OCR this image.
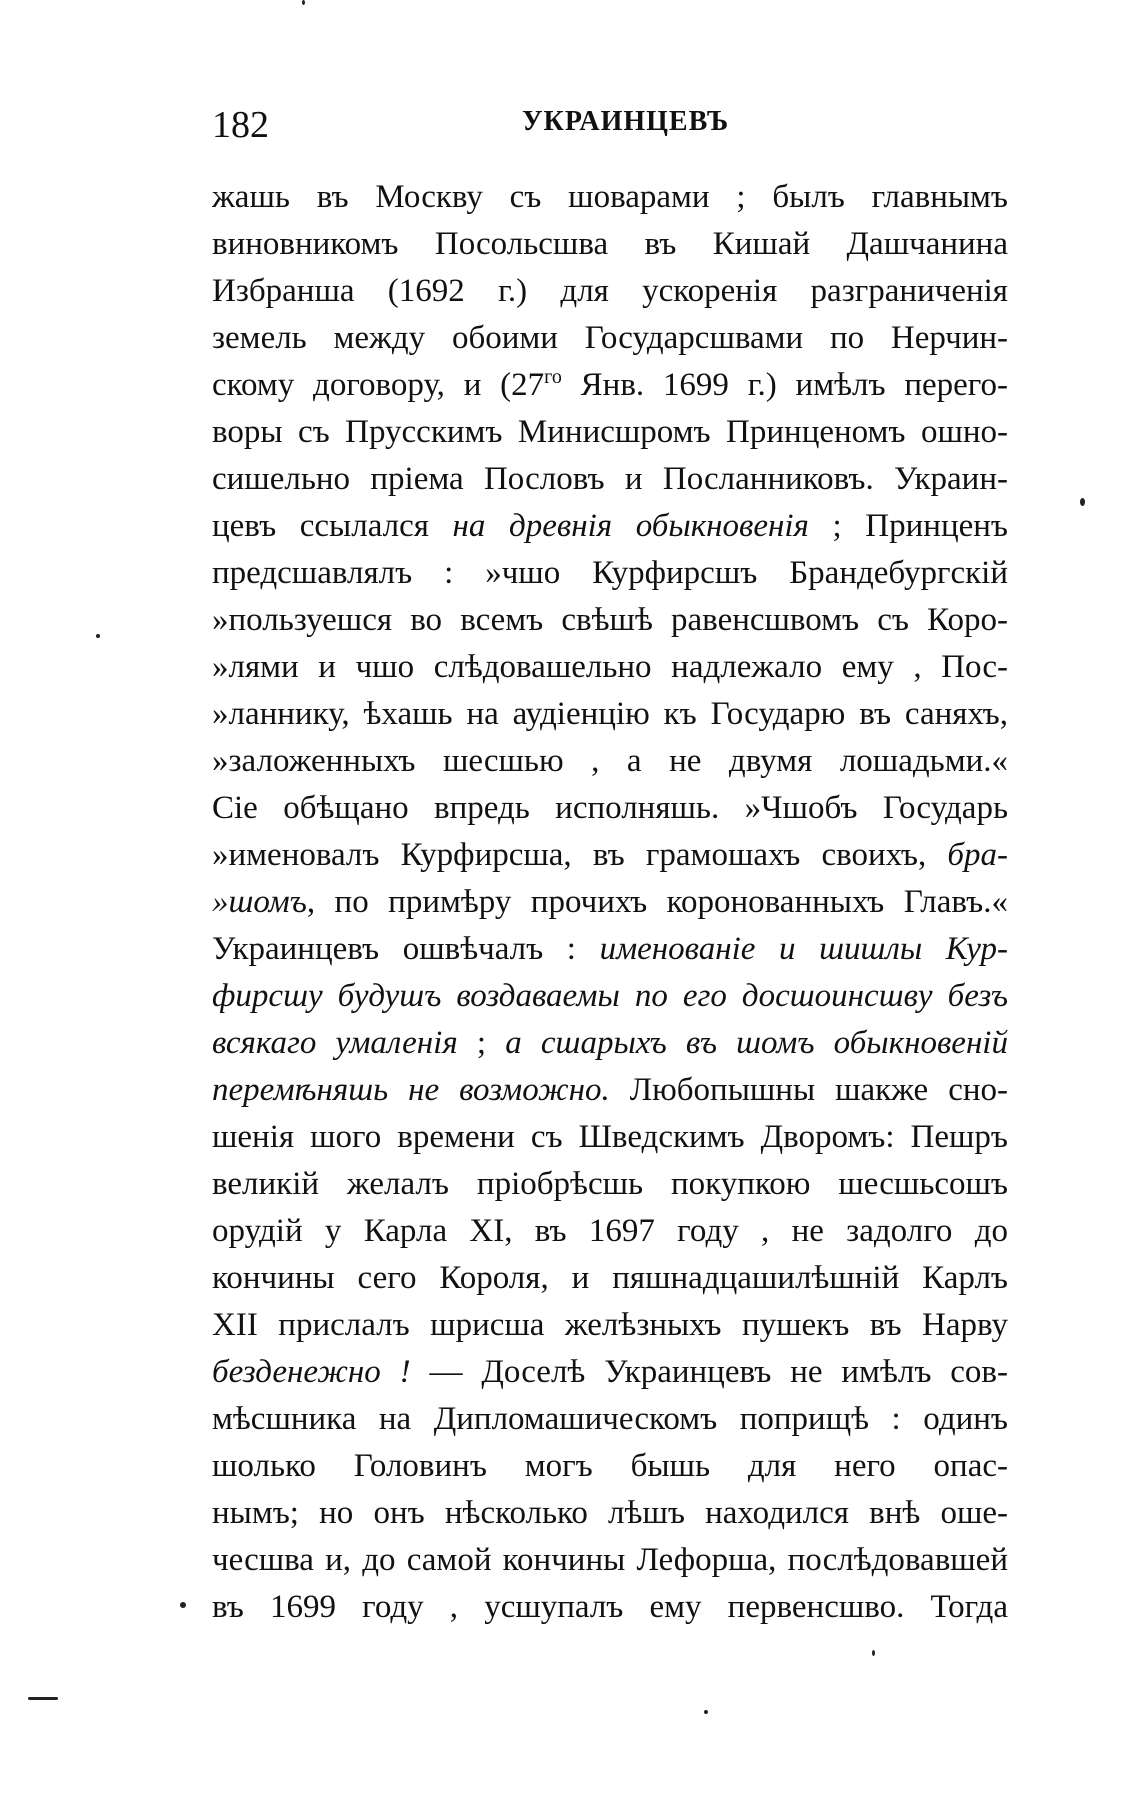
182	УКРАИНЦЕВЪ
жашь въ Москву съ шоварами ; былъ главнымъ
виновникомъ Посольсшва въ Кишай Дашчанина
Избранша (1692 г.) для ускоренія разграниченія
земель между обоими Государсшвами по Нерчин-
скому договору, и ($27^{го}$ Янв. 1699 г.) имѣлъ перего-
воры съ Прусскимъ Минисшромъ Принценомъ ошно-
сишельно пріема Пословъ и Посланниковъ. Украин-
цевъ ссылался на древнія обыкновенія ; Принценъ
предсшавлялъ : »чшо Курфирсшъ Брандебургскій
»пользуешся во всемъ свѣшѣ равенсшвомъ съ Коро-
»лями и чшо слѣдовашельно надлежало ему , Пос-
»ланнику, ѣхашь на аудіенцію къ Государю въ саняхъ,
»заложенныхъ шесшью , а не двумя лошадьми.«
Сіе обѣщано впредь исполняшь. »Чшобъ Государь
»именовалъ Курфирсша, въ грамошахъ своихъ, бра-
»шомъ, по примѣру прочихъ коронованныхъ Главъ.«
Украинцевъ ошвѣчалъ : именованіе и шишлы Кур-
фирсшу будушъ воздаваемы по его досшоинсшву безъ
всякаго умаленія ; а сшарыхъ въ шомъ обыкновеній
перемѣняшь не возможно. Любопышны шакже сно-
шенія шого времени съ Шведскимъ Дворомъ: Пешръ
великій желалъ пріобрѣсшь покупкою шесшьсошъ
орудій у Карла XI, въ 1697 году , не задолго до
кончины сего Короля, и пяшнадцашилѣшній Карлъ
XII прислалъ шрисша желѣзныхъ пушекъ въ Нарву
безденежно ! — Доселѣ Украинцевъ не имѣлъ сов-
мѣсшника на Дипломашическомъ поприщѣ : одинъ
шолько Головинъ могъ бышь для него опас-
нымъ; но онъ нѣсколько лѣшъ находился внѣ оше-
чесшва и, до самой кончины Лефорша, послѣдовавшей
въ 1699 году , усшупалъ ему первенсшво. Тогда
